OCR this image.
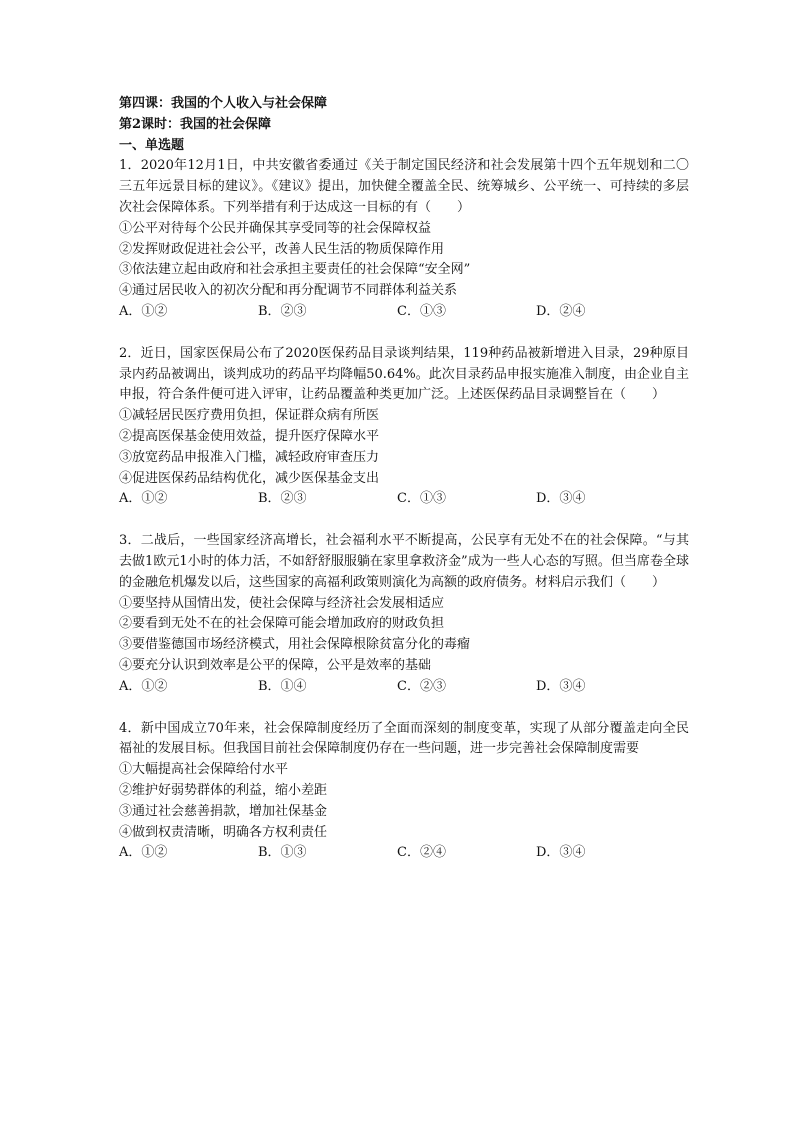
第四课：我国的个人收入与社会保障
第2课时：我国的社会保障
一、单选题
1．2020年12月1日，中共安徽省委通过《关于制定国民经济和社会发展第十四个五年规划和二〇三五年远景目标的建议》。《建议》提出，加快健全覆盖全民、统筹城乡、公平统一、可持续的多层次社会保障体系。下列举措有利于达成这一目标的有（　　）
①公平对待每个公民并确保其享受同等的社会保障权益
②发挥财政促进社会公平，改善人民生活的物质保障作用
③依法建立起由政府和社会承担主要责任的社会保障“安全网”
④通过居民收入的初次分配和再分配调节不同群体利益关系
A．①②	B．②③	C．①③	D．②④
2．近日，国家医保局公布了2020医保药品目录谈判结果，119种药品被新增进入目录，29种原目录内药品被调出，谈判成功的药品平均降幅50.64%。此次目录药品申报实施准入制度，由企业自主申报，符合条件便可进入评审，让药品覆盖种类更加广泛。上述医保药品目录调整旨在（　　）
①减轻居民医疗费用负担，保证群众病有所医
②提高医保基金使用效益，提升医疗保障水平
③放宽药品申报准入门槛，减轻政府审查压力
④促进医保药品结构优化，减少医保基金支出
A．①②	B．②③	C．①③	D．③④
3．二战后，一些国家经济高增长，社会福利水平不断提高，公民享有无处不在的社会保障。“与其去做1欧元1小时的体力活，不如舒舒服服躺在家里拿救济金”成为一些人心态的写照。但当席卷全球的金融危机爆发以后，这些国家的高福利政策则演化为高额的政府债务。材料启示我们（　　）
①要坚持从国情出发，使社会保障与经济社会发展相适应
②要看到无处不在的社会保障可能会增加政府的财政负担
③要借鉴德国市场经济模式，用社会保障根除贫富分化的毒瘤
④要充分认识到效率是公平的保障，公平是效率的基础
A．①②	B．①④	C．②③	D．③④
4．新中国成立70年来，社会保障制度经历了全面而深刻的制度变革，实现了从部分覆盖走向全民福祉的发展目标。但我国目前社会保障制度仍存在一些问题，进一步完善社会保障制度需要
①大幅提高社会保障给付水平
②维护好弱势群体的利益，缩小差距
③通过社会慈善捐款，增加社保基金
④做到权责清晰，明确各方权利责任
A．①②	B．①③	C．②④	D．③④
